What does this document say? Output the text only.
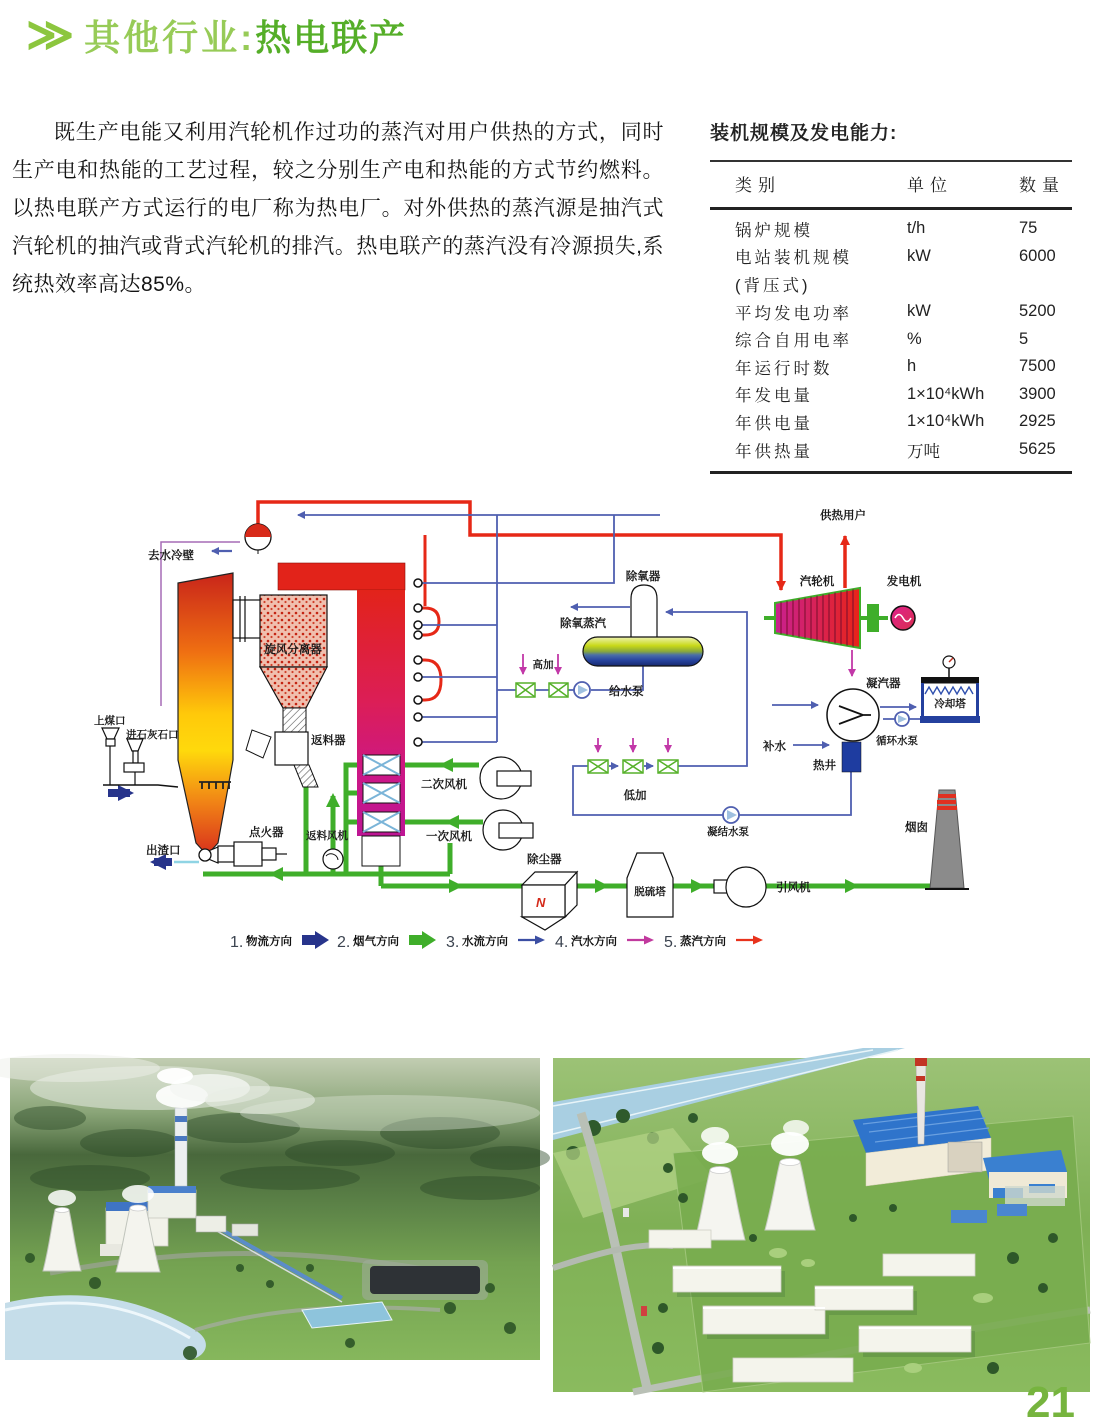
≫ 其他行业: 热电联产
既生产电能又利用汽轮机作过功的蒸汽对用户供热的方式，同时生产电和热能的工艺过程，较之分别生产电和热能的方式节约燃料。以热电联产方式运行的电厂称为热电厂。对外供热的蒸汽源是抽汽式汽轮机的抽汽或背式汽轮机的排汽。热电联产的蒸汽没有冷源损失,系统热效率高达85%。
装机规模及发电能力:
类别	单位	数量
锅炉规模	t/h	75
电站装机规模	kW	6000
(背压式)
平均发电功率	kW	5200
综合自用电率	%	5
年运行时数	h	7500
年发电量	1×10⁴kWh	3900
年供电量	1×10⁴kWh	2925
年供热量	万吨	5625
N
去水冷壁
旋风分离器
返料器
上煤口
进石灰石口
出渣口
点火器 返料风机
二次风机
一次风机
除尘器
脱硫塔	引风机
烟囱
除氧器
除氧蒸汽
高加
给水泵
低加
凝结水泵
供热用户
汽轮机	发电机
凝汽器
冷却塔
循环水泵
补水
热井
1. 物流方向	2. 烟气方向	3. 水流方向	4. 汽水方向	5. 蒸汽方向
21
